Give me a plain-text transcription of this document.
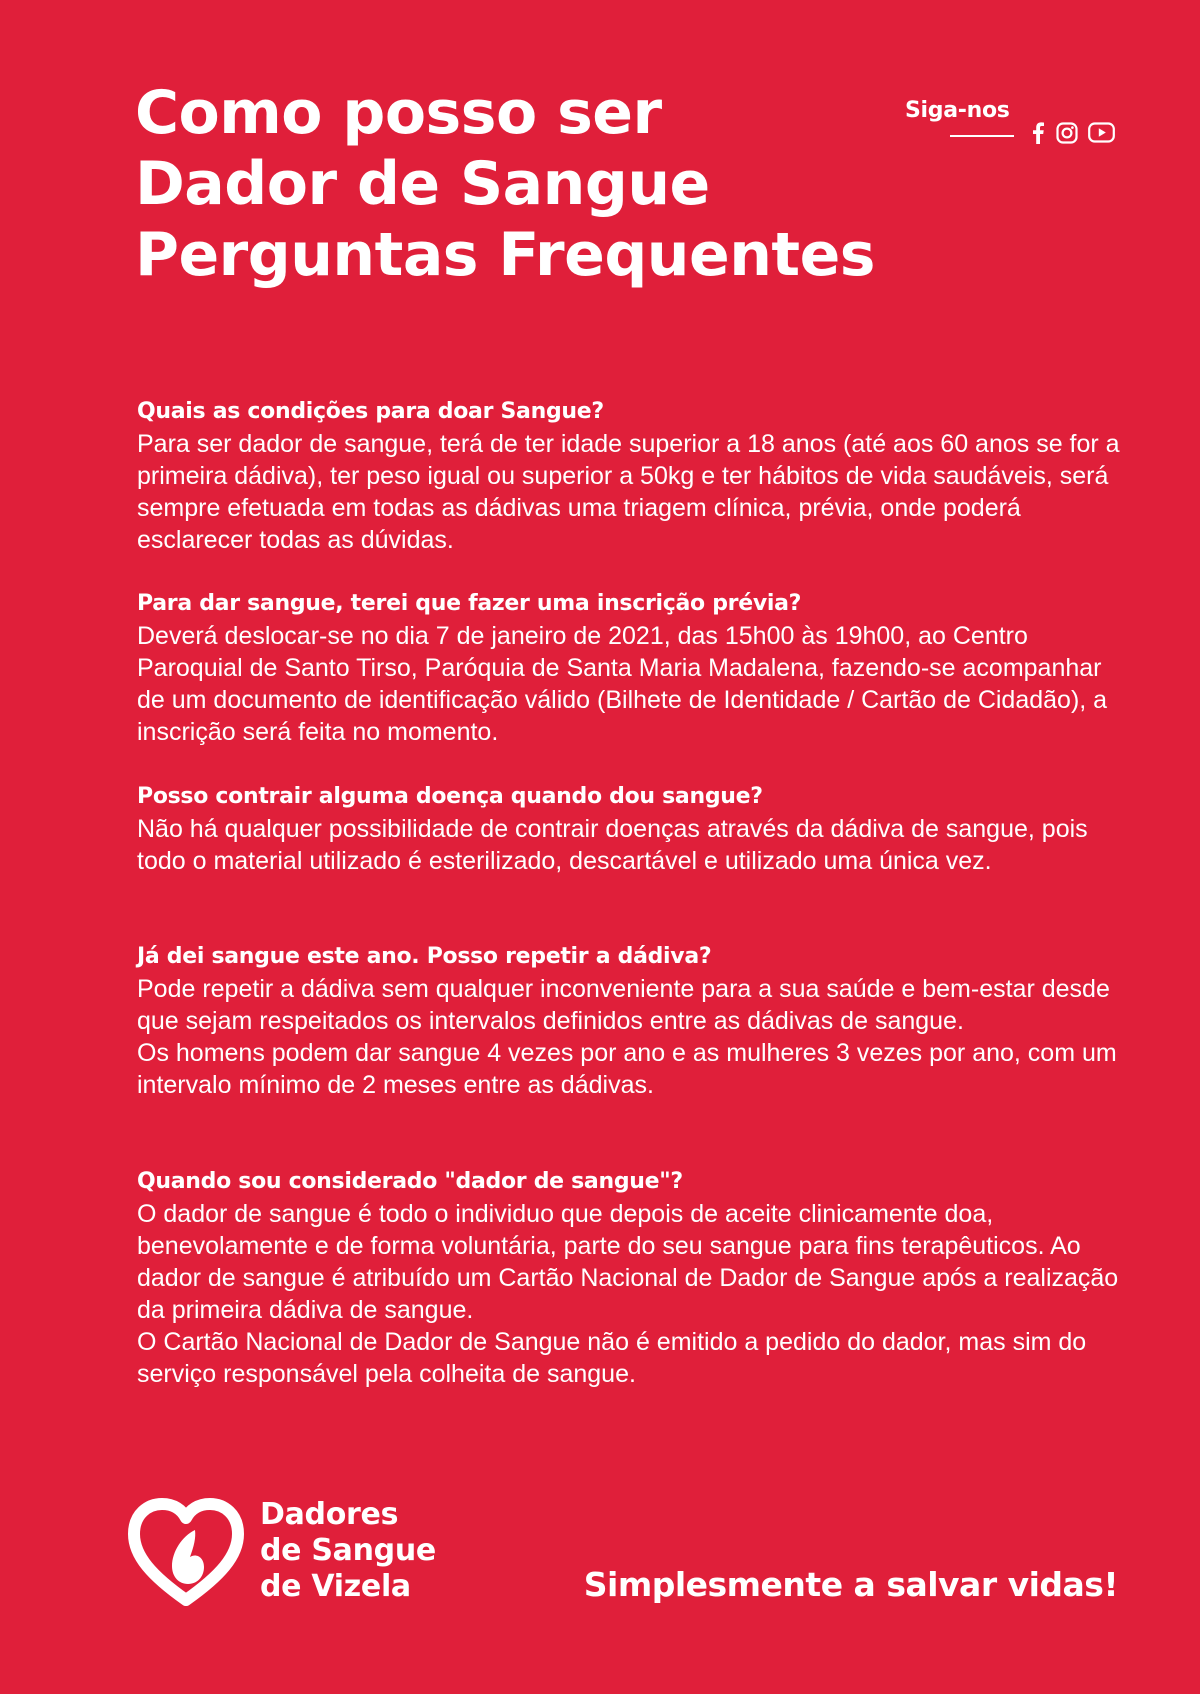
Como posso ser
Dador de Sangue
Perguntas Frequentes
Siga-nos
Quais as condições para doar Sangue?

Para ser dador de sangue, terá de ter idade superior a 18 anos (até aos 60 anos se for a primeira dádiva), ter peso igual ou superior a 50kg e ter hábitos de vida saudáveis, será sempre efetuada em todas as dádivas uma triagem clínica, prévia, onde poderá esclarecer todas as dúvidas.

Para dar sangue, terei que fazer uma inscrição prévia?

Deverá deslocar-se no dia 7 de janeiro de 2021, das 15h00 às 19h00, ao Centro Paroquial de Santo Tirso, Paróquia de Santa Maria Madalena, fazendo-se acompanhar de um documento de identificação válido (Bilhete de Identidade / Cartão de Cidadão), a inscrição será feita no momento.

Posso contrair alguma doença quando dou sangue?

Não há qualquer possibilidade de contrair doenças através da dádiva de sangue, pois todo o material utilizado é esterilizado, descartável e utilizado uma única vez.

Já dei sangue este ano. Posso repetir a dádiva?

Pode repetir a dádiva sem qualquer inconveniente para a sua saúde e bem-estar desde que sejam respeitados os intervalos definidos entre as dádivas de sangue.

Os homens podem dar sangue 4 vezes por ano e as mulheres 3 vezes por ano, com um intervalo mínimo de 2 meses entre as dádivas.

Quando sou considerado "dador de sangue"?

O dador de sangue é todo o individuo que depois de aceite clinicamente doa, benevolamente e de forma voluntária, parte do seu sangue para fins terapêuticos. Ao dador de sangue é atribuído um Cartão Nacional de Dador de Sangue após a realização da primeira dádiva de sangue.

O Cartão Nacional de Dador de Sangue não é emitido a pedido do dador, mas sim do serviço responsável pela colheita de sangue.

Dadores
de Sangue
de Vizela	Simplesmente a salvar vidas!
